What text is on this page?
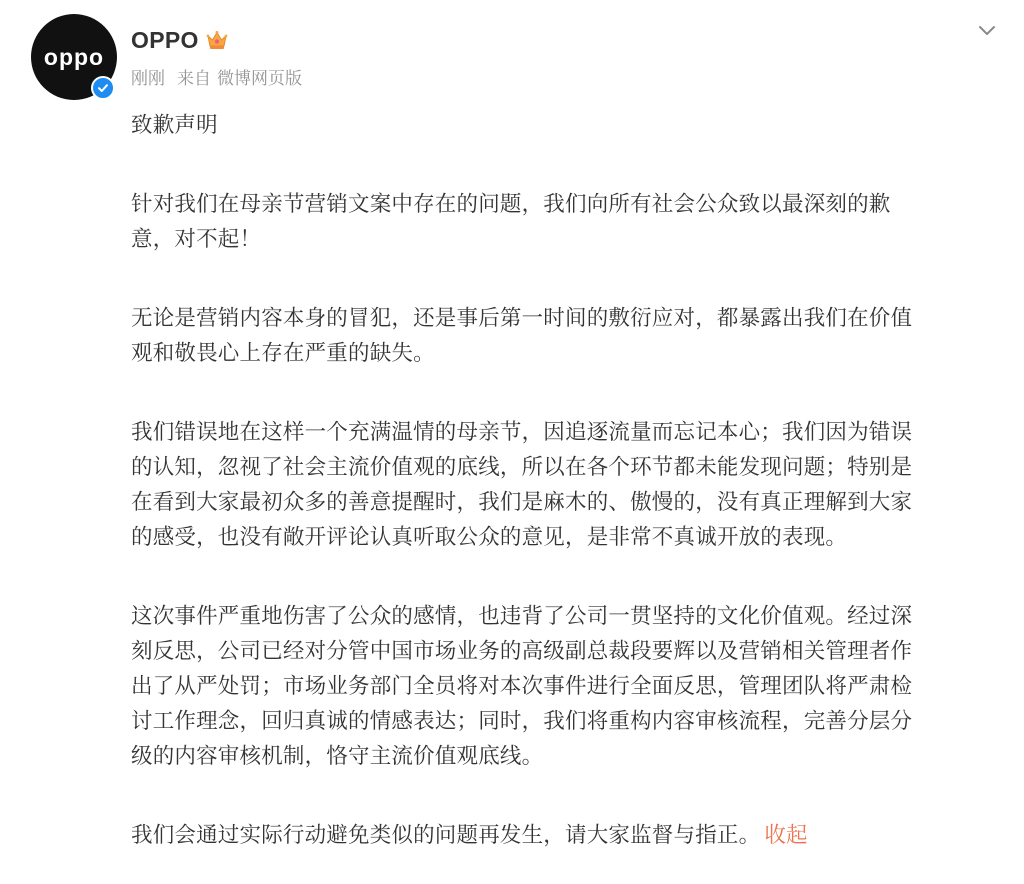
oppo
OPPO
刚刚 来自 微博网页版

致歉声明

针对我们在母亲节营销文案中存在的问题，我们向所有社会公众致以最深刻的歉
意，对不起！

无论是营销内容本身的冒犯，还是事后第一时间的敷衍应对，都暴露出我们在价值
观和敬畏心上存在严重的缺失。

我们错误地在这样一个充满温情的母亲节，因追逐流量而忘记本心；我们因为错误
的认知，忽视了社会主流价值观的底线，所以在各个环节都未能发现问题；特别是
在看到大家最初众多的善意提醒时，我们是麻木的、傲慢的，没有真正理解到大家
的感受，也没有敞开评论认真听取公众的意见，是非常不真诚开放的表现。

这次事件严重地伤害了公众的感情，也违背了公司一贯坚持的文化价值观。经过深
刻反思，公司已经对分管中国市场业务的高级副总裁段要辉以及营销相关管理者作
出了从严处罚；市场业务部门全员将对本次事件进行全面反思，管理团队将严肃检
讨工作理念，回归真诚的情感表达；同时，我们将重构内容审核流程，完善分层分
级的内容审核机制，恪守主流价值观底线。

我们会通过实际行动避免类似的问题再发生，请大家监督与指正。 收起
